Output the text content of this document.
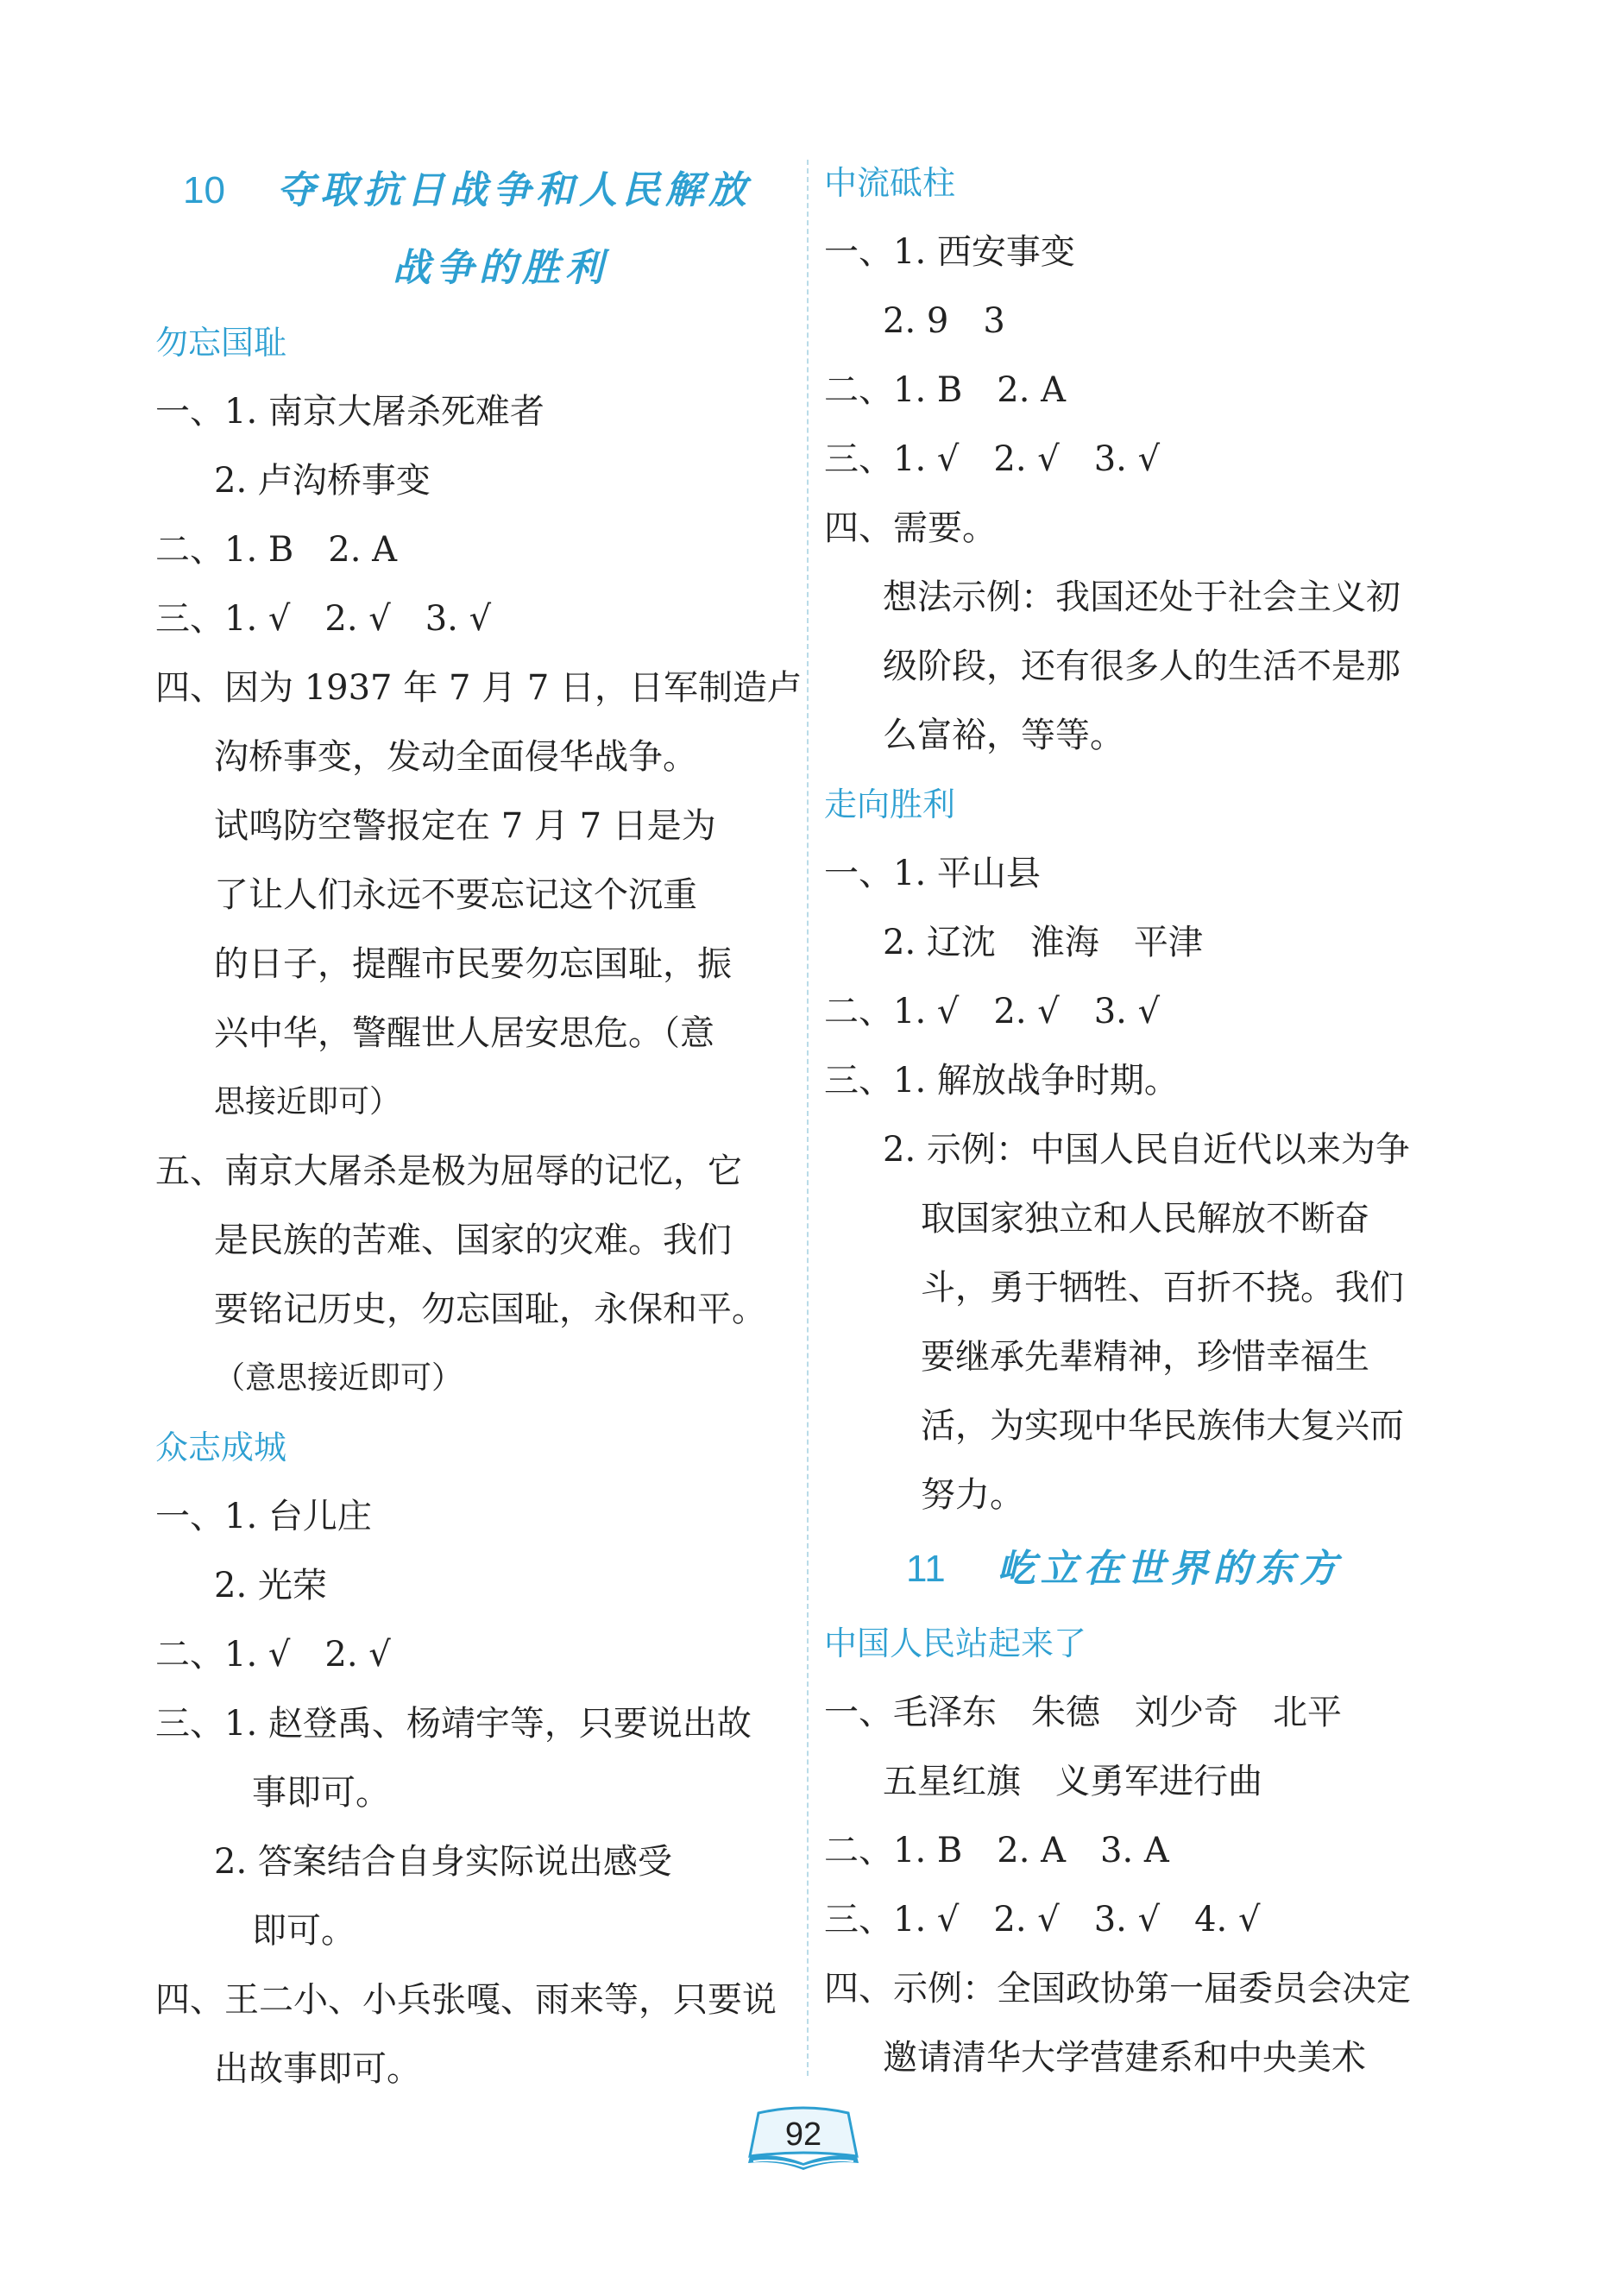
10 夺取抗日战争和人民解放
战争的胜利
勿忘国耻
一、1. 南京大屠杀死难者
2. 卢沟桥事变
二、1. B　2. A
三、1. √　2. √　3. √
四、因为 1937 年 7 月 7 日，日军制造卢
沟桥事变，发动全面侵华战争。
试鸣防空警报定在 7 月 7 日是为
了让人们永远不要忘记这个沉重
的日子，提醒市民要勿忘国耻，振
兴中华，警醒世人居安思危。（意
思接近即可）
五、南京大屠杀是极为屈辱的记忆，它
是民族的苦难、国家的灾难。我们
要铭记历史，勿忘国耻，永保和平。
（意思接近即可）
众志成城
一、1. 台儿庄
2. 光荣
二、1. √　2. √
三、1. 赵登禹、杨靖宇等，只要说出故
事即可。
2. 答案结合自身实际说出感受
即可。
四、王二小、小兵张嘎、雨来等，只要说
出故事即可。
中流砥柱
一、1. 西安事变
2. 9　3
二、1. B　2. A
三、1. √　2. √　3. √
四、需要。
想法示例：我国还处于社会主义初
级阶段，还有很多人的生活不是那
么富裕，等等。
走向胜利
一、1. 平山县
2. 辽沈　淮海　平津
二、1. √　2. √　3. √
三、1. 解放战争时期。
2. 示例：中国人民自近代以来为争
取国家独立和人民解放不断奋
斗，勇于牺牲、百折不挠。我们
要继承先辈精神，珍惜幸福生
活，为实现中华民族伟大复兴而
努力。
11 屹立在世界的东方
中国人民站起来了
一、毛泽东　朱德　刘少奇　北平
五星红旗　义勇军进行曲
二、1. B　2. A　3. A
三、1. √　2. √　3. √　4. √
四、示例：全国政协第一届委员会决定
邀请清华大学营建系和中央美术
92
